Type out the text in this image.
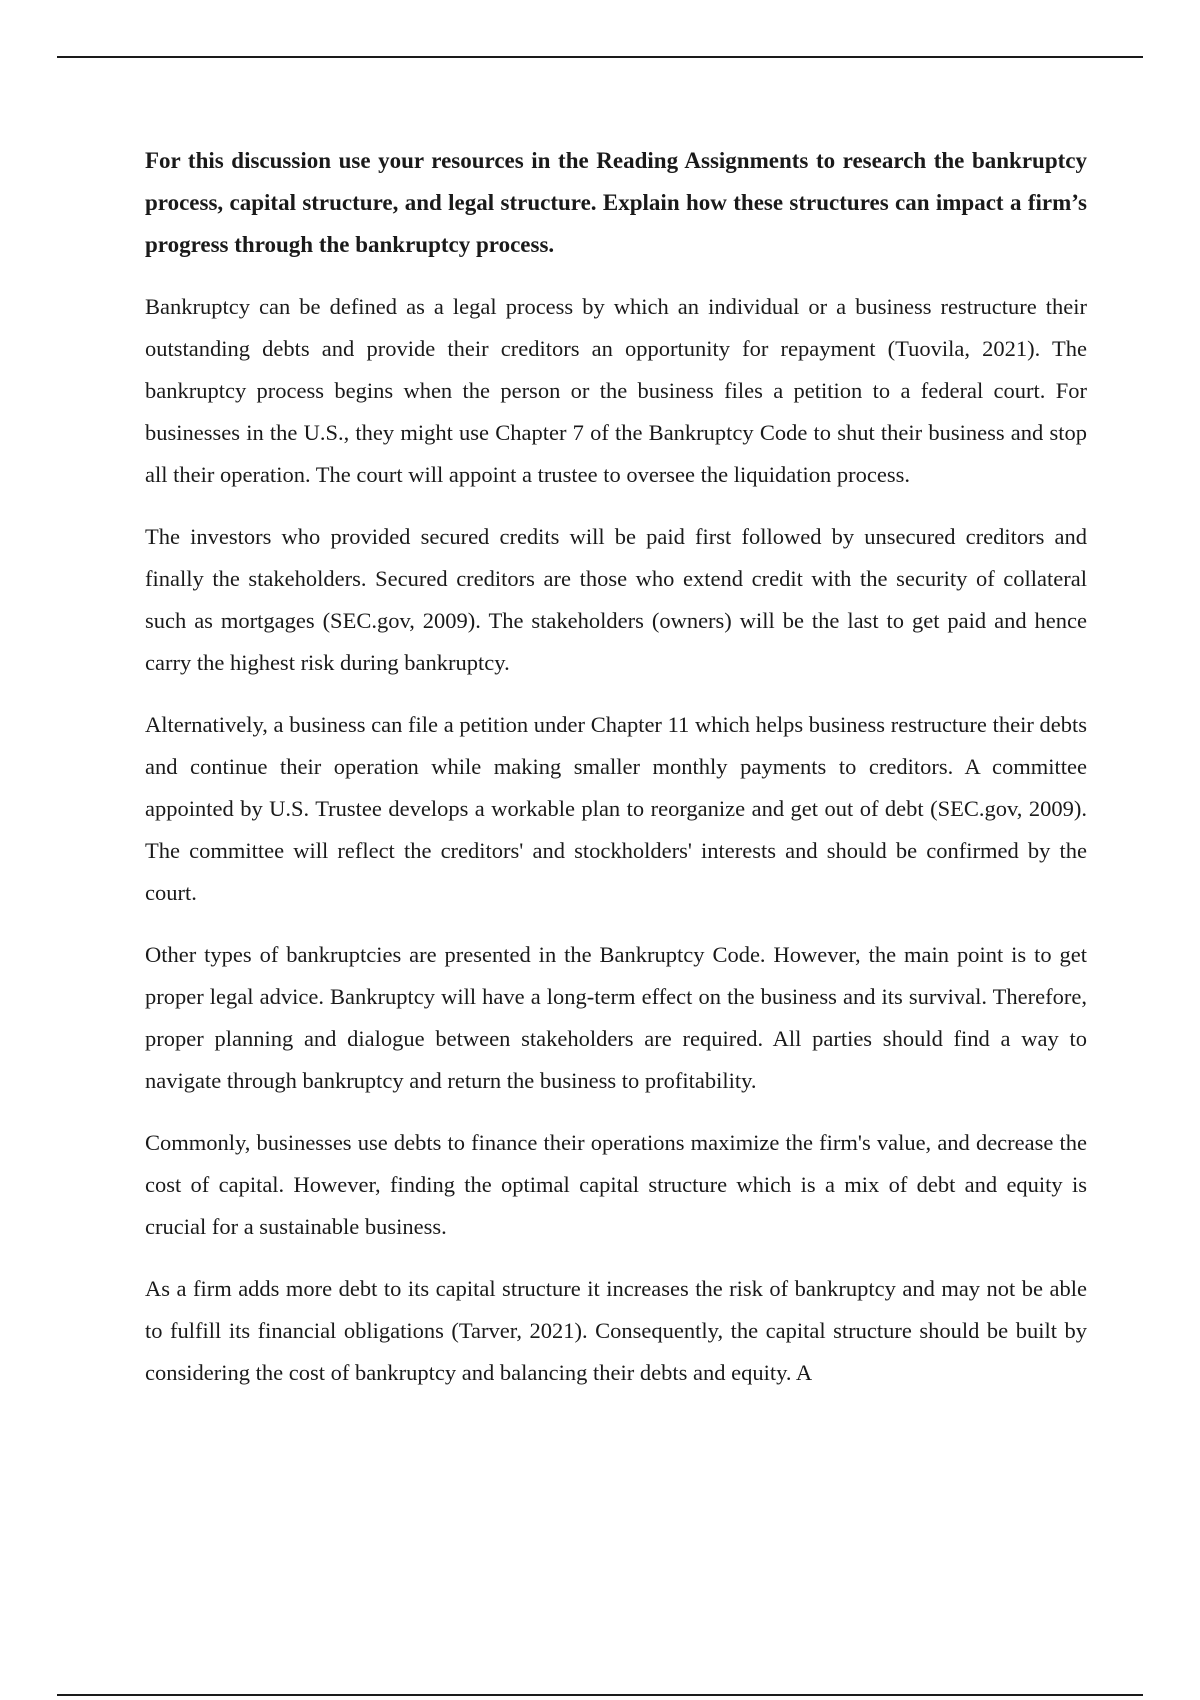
For this discussion use your resources in the Reading Assignments to research the bankruptcy process, capital structure, and legal structure. Explain how these structures can impact a firm’s progress through the bankruptcy process.

Bankruptcy can be defined as a legal process by which an individual or a business restructure their outstanding debts and provide their creditors an opportunity for repayment (Tuovila, 2021). The bankruptcy process begins when the person or the business files a petition to a federal court. For businesses in the U.S., they might use Chapter 7 of the Bankruptcy Code to shut their business and stop all their operation. The court will appoint a trustee to oversee the liquidation process.

The investors who provided secured credits will be paid first followed by unsecured creditors and finally the stakeholders. Secured creditors are those who extend credit with the security of collateral such as mortgages (SEC.gov, 2009). The stakeholders (owners) will be the last to get paid and hence carry the highest risk during bankruptcy.

Alternatively, a business can file a petition under Chapter 11 which helps business restructure their debts and continue their operation while making smaller monthly payments to creditors. A committee appointed by U.S. Trustee develops a workable plan to reorganize and get out of debt (SEC.gov, 2009). The committee will reflect the creditors' and stockholders' interests and should be confirmed by the court.

Other types of bankruptcies are presented in the Bankruptcy Code. However, the main point is to get proper legal advice. Bankruptcy will have a long-term effect on the business and its survival. Therefore, proper planning and dialogue between stakeholders are required. All parties should find a way to navigate through bankruptcy and return the business to profitability.

Commonly, businesses use debts to finance their operations maximize the firm's value, and decrease the cost of capital. However, finding the optimal capital structure which is a mix of debt and equity is crucial for a sustainable business.

As a firm adds more debt to its capital structure it increases the risk of bankruptcy and may not be able to fulfill its financial obligations (Tarver, 2021). Consequently, the capital structure should be built by considering the cost of bankruptcy and balancing their debts and equity. A
